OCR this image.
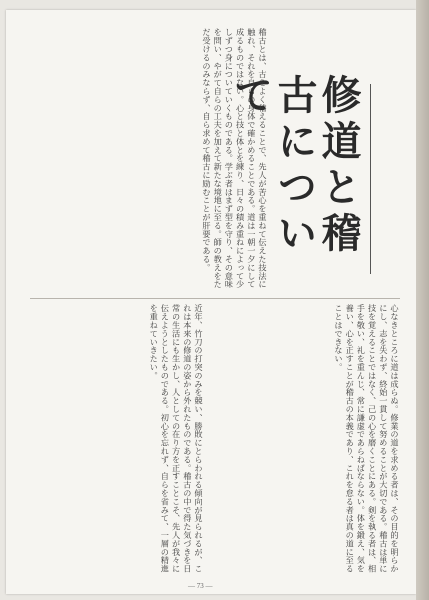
修道と稽古について
稽古とは、古をよく稽えることで、先人が苦心を重ねて伝えた技法に触れ、それを自らの身体で確かめることである。道は一朝一夕にして成るものではない。心と技と体とを練り、日々の積み重ねによって少しずつ身についていくものである。学ぶ者はまず型を守り、その意味を問い、やがて自らの工夫を加えて新たな境地に至る。師の教えをただ受けるのみならず、自ら求めて稽古に励むことが肝要である。
心なきところに道は成らぬ。修業の道を求める者は、その目的を明らかにし、志を失わず、終始一貫して努めることが大切である。稽古は単に技を覚えることではなく、己の心を磨くことにある。剣を執る者は、相手を敬い、礼を重んじ、常に謙虚であらねばならない。体を鍛え、気を養い、心を正すことが稽古の本義であり、これを怠る者は真の道に至ることはできない。
近年、竹刀の打突のみを競い、勝敗にとらわれる傾向が見られるが、これは本来の修道の姿から外れたものである。稽古の中で得た気づきを日常の生活にも生かし、人としての在り方を正すことこそ、先人が我々に伝えようとしたものである。初心を忘れず、自らを省みて、一層の精進を重ねていきたい。
— 73 —
